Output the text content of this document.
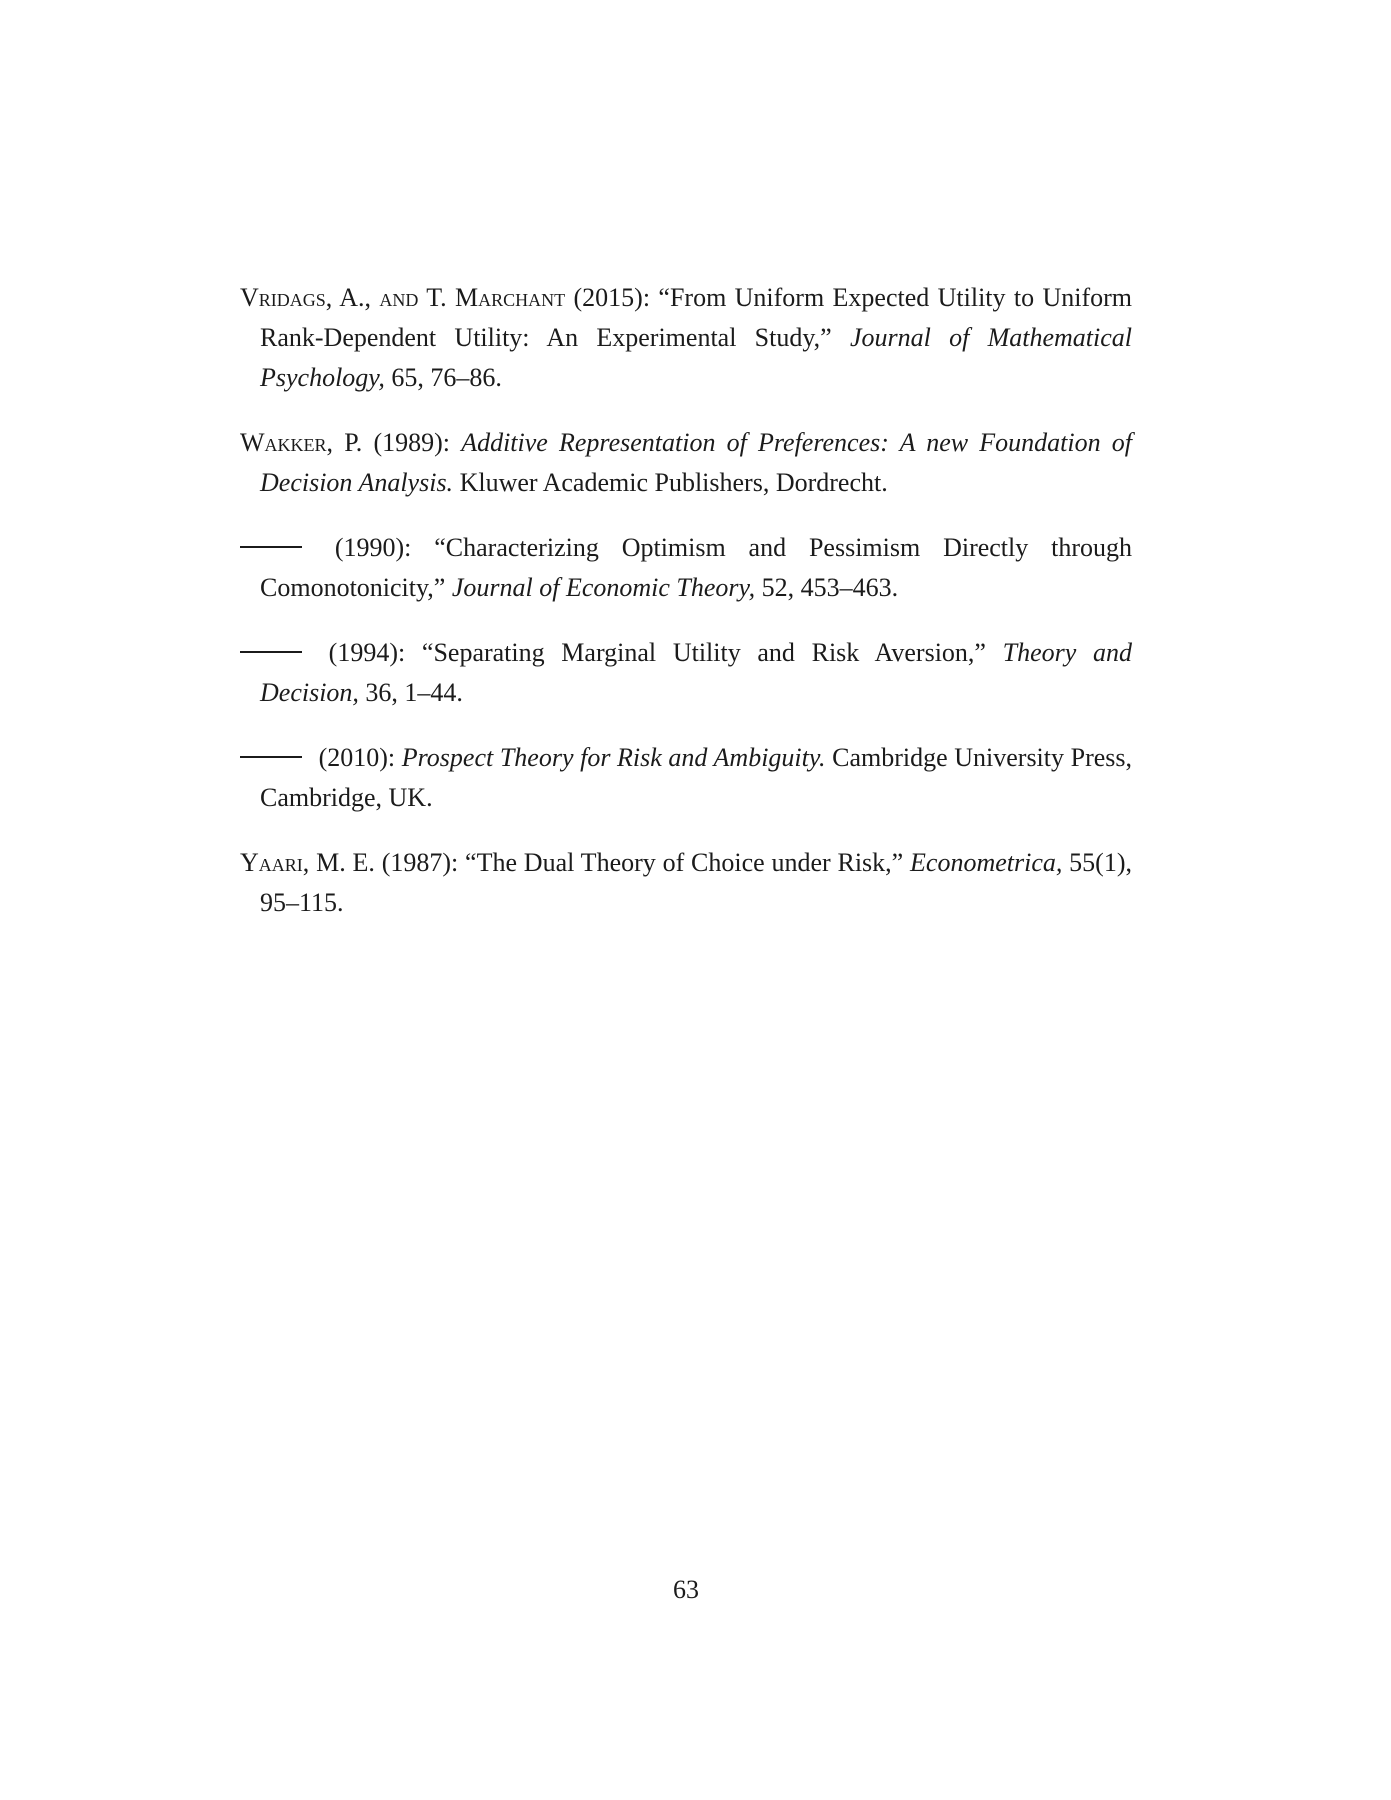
Vridags, A., and T. Marchant (2015): “From Uniform Expected Utility to Uniform Rank-Dependent Utility: An Experimental Study,” Journal of Mathematical Psychology, 65, 76–86.

Wakker, P. (1989): Additive Representation of Preferences: A new Foundation of Decision Analysis. Kluwer Academic Publishers, Dordrecht.

(1990): “Characterizing Optimism and Pessimism Directly through Comonotonicity,” Journal of Economic Theory, 52, 453–463.

(1994): “Separating Marginal Utility and Risk Aversion,” Theory and Decision, 36, 1–44.

(2010): Prospect Theory for Risk and Ambiguity. Cambridge University Press, Cambridge, UK.

Yaari, M. E. (1987): “The Dual Theory of Choice under Risk,” Econometrica, 55(1), 95–115.

63
